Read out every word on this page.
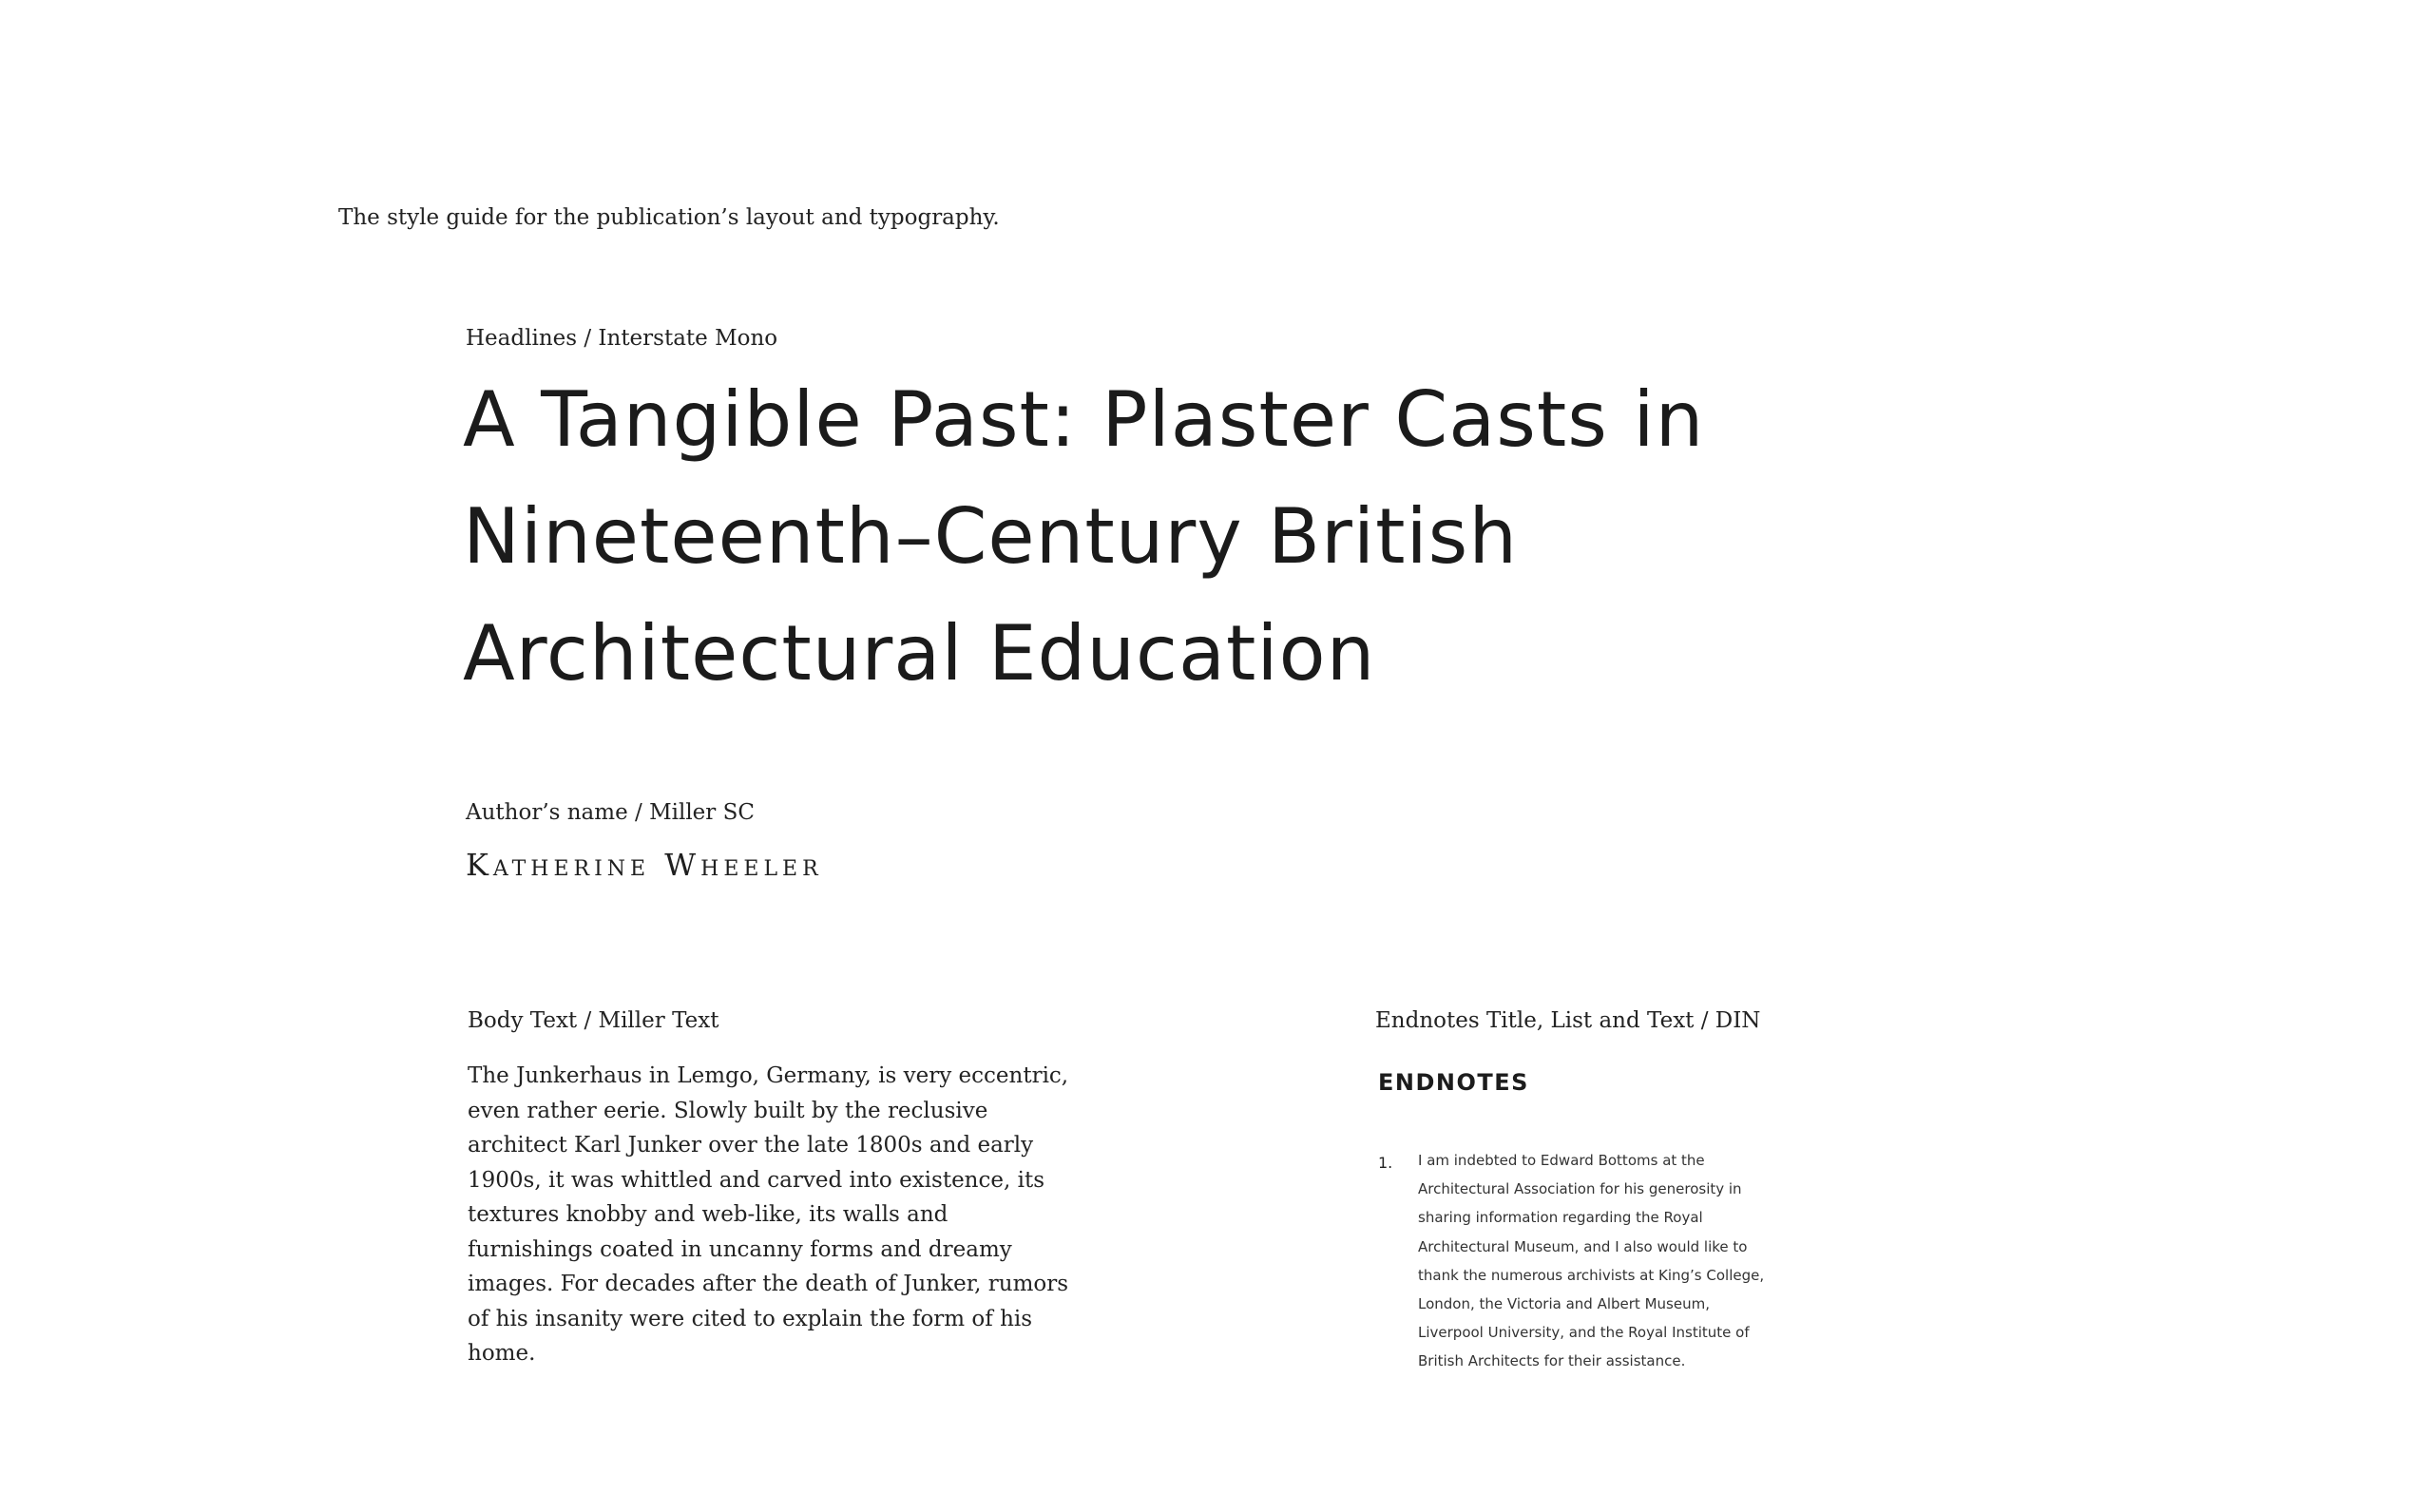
The style guide for the publication’s layout and typography.

Headlines / Interstate Mono
A Tangible Past: Plaster Casts in Nineteenth–Century British Architectural Education
Author’s name / Miller SC

Katherine Wheeler

Body Text / Miller Text

The Junkerhaus in Lemgo, Germany, is very eccentric, even rather eerie. Slowly built by the reclusive architect Karl Junker over the late 1800s and early 1900s, it was whittled and carved into existence, its textures knobby and web-like, its walls and furnishings coated in uncanny forms and dreamy images. For decades after the death of Junker, rumors of his insanity were cited to explain the form of his home.

Endnotes Title, List and Text / DIN
ENDNOTES
1.	I am indebted to Edward Bottoms at the Architectural Association for his generosity in sharing information regarding the Royal Architectural Museum, and I also would like to thank the numerous archivists at King’s College, London, the Victoria and Albert Museum, Liverpool University, and the Royal Institute of British Architects for their assistance.
